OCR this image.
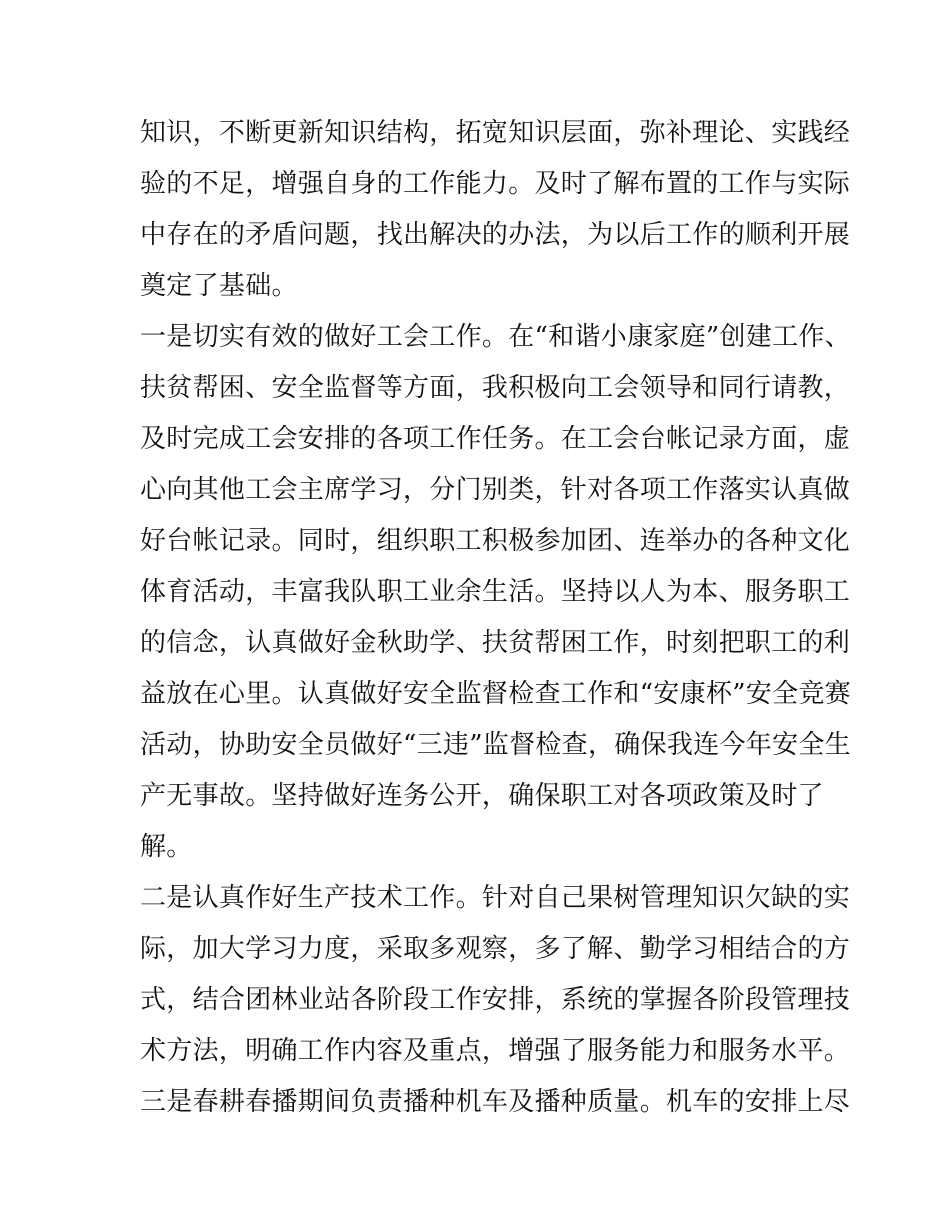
知识，不断更新知识结构，拓宽知识层面，弥补理论、实践经
验的不足，增强自身的工作能力。及时了解布置的工作与实际
中存在的矛盾问题，找出解决的办法，为以后工作的顺利开展
奠定了基础。
一是切实有效的做好工会工作。在“和谐小康家庭”创建工作、
扶贫帮困、安全监督等方面，我积极向工会领导和同行请教，
及时完成工会安排的各项工作任务。在工会台帐记录方面，虚
心向其他工会主席学习，分门别类，针对各项工作落实认真做
好台帐记录。同时，组织职工积极参加团、连举办的各种文化
体育活动，丰富我队职工业余生活。坚持以人为本、服务职工
的信念，认真做好金秋助学、扶贫帮困工作，时刻把职工的利
益放在心里。认真做好安全监督检查工作和“安康杯”安全竞赛
活动，协助安全员做好“三违”监督检查，确保我连今年安全生
产无事故。坚持做好连务公开，确保职工对各项政策及时了
解。
二是认真作好生产技术工作。针对自己果树管理知识欠缺的实
际，加大学习力度，采取多观察，多了解、勤学习相结合的方
式，结合团林业站各阶段工作安排，系统的掌握各阶段管理技
术方法，明确工作内容及重点，增强了服务能力和服务水平。
三是春耕春播期间负责播种机车及播种质量。机车的安排上尽
